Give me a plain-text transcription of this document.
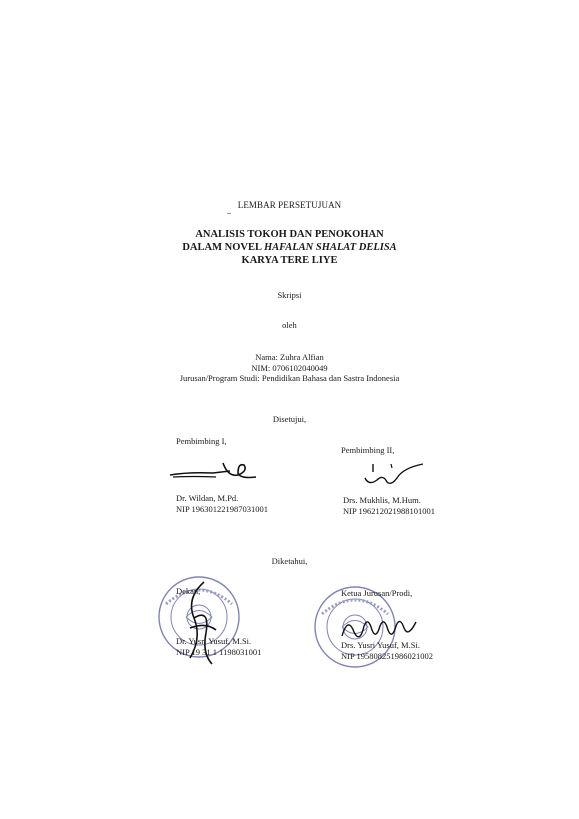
LEMBAR PERSETUJUAN
ANALISIS TOKOH DAN PENOKOHAN
DALAM NOVEL HAFALAN SHALAT DELISA
KARYA TERE LIYE
Skripsi
oleh
Nama: Zuhra Alfian
NIM: 0706102040049
Jurusan/Program Studi: Pendidikan Bahasa dan Sastra Indonesia
Disetujui,
Pembimbing I,
Dr. Wildan, M.Pd.
NIP 196301221987031001
Pembimbing II,
Drs. Mukhlis, M.Hum.
NIP 196212021988101001
Diketahui,
Dekan,
Dr. Yusri Yusuf, M.Si.
NIP 19 31 1 1198031001
Ketua Jurusan/Prodi,
Drs. Yusri Yusuf, M.Si.
NIP 195808251986021002
